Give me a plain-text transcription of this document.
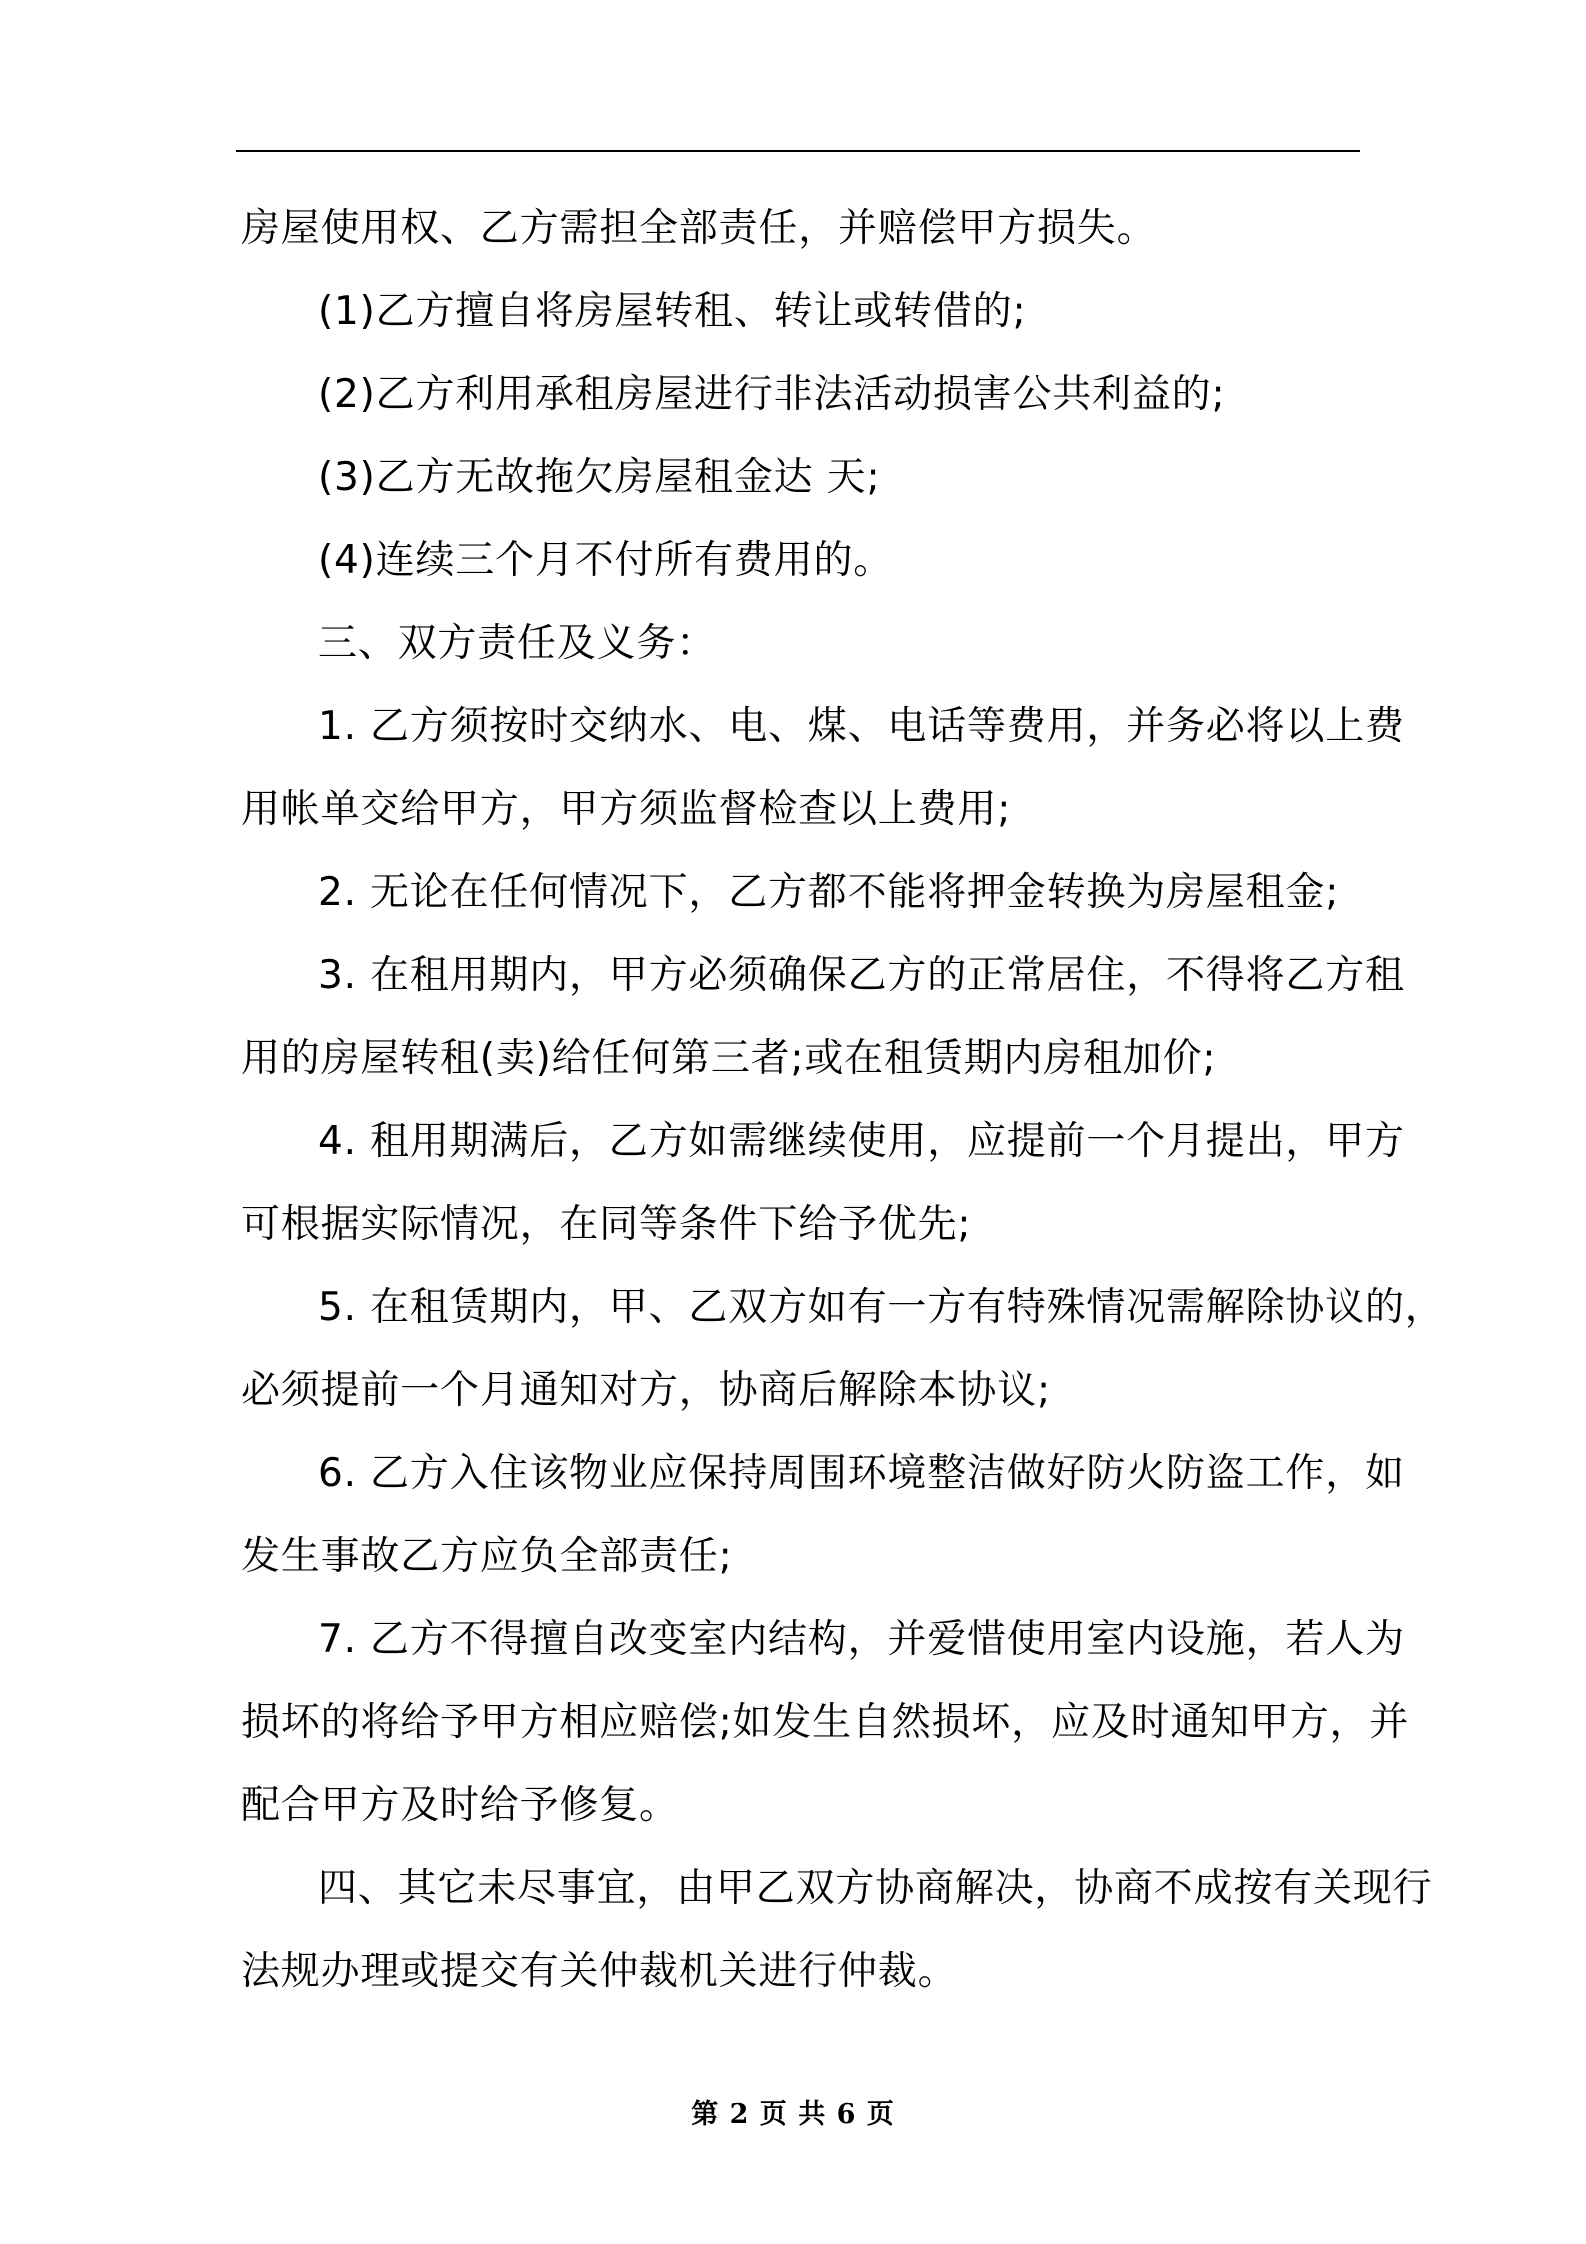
房屋使用权、乙方需担全部责任，并赔偿甲方损失。
(1)乙方擅自将房屋转租、转让或转借的;
(2)乙方利用承租房屋进行非法活动损害公共利益的;
(3)乙方无故拖欠房屋租金达 天;
(4)连续三个月不付所有费用的。
三、双方责任及义务：
1. 乙方须按时交纳水、电、煤、电话等费用，并务必将以上费
用帐单交给甲方，甲方须监督检查以上费用;
2. 无论在任何情况下，乙方都不能将押金转换为房屋租金;
3. 在租用期内，甲方必须确保乙方的正常居住，不得将乙方租
用的房屋转租(卖)给任何第三者;或在租赁期内房租加价;
4. 租用期满后，乙方如需继续使用，应提前一个月提出，甲方
可根据实际情况，在同等条件下给予优先;
5. 在租赁期内，甲、乙双方如有一方有特殊情况需解除协议的，
必须提前一个月通知对方，协商后解除本协议;
6. 乙方入住该物业应保持周围环境整洁做好防火防盗工作，如
发生事故乙方应负全部责任;
7. 乙方不得擅自改变室内结构，并爱惜使用室内设施，若人为
损坏的将给予甲方相应赔偿;如发生自然损坏，应及时通知甲方，并
配合甲方及时给予修复。
四、其它未尽事宜，由甲乙双方协商解决，协商不成按有关现行
法规办理或提交有关仲裁机关进行仲裁。
第 2 页 共 6 页
